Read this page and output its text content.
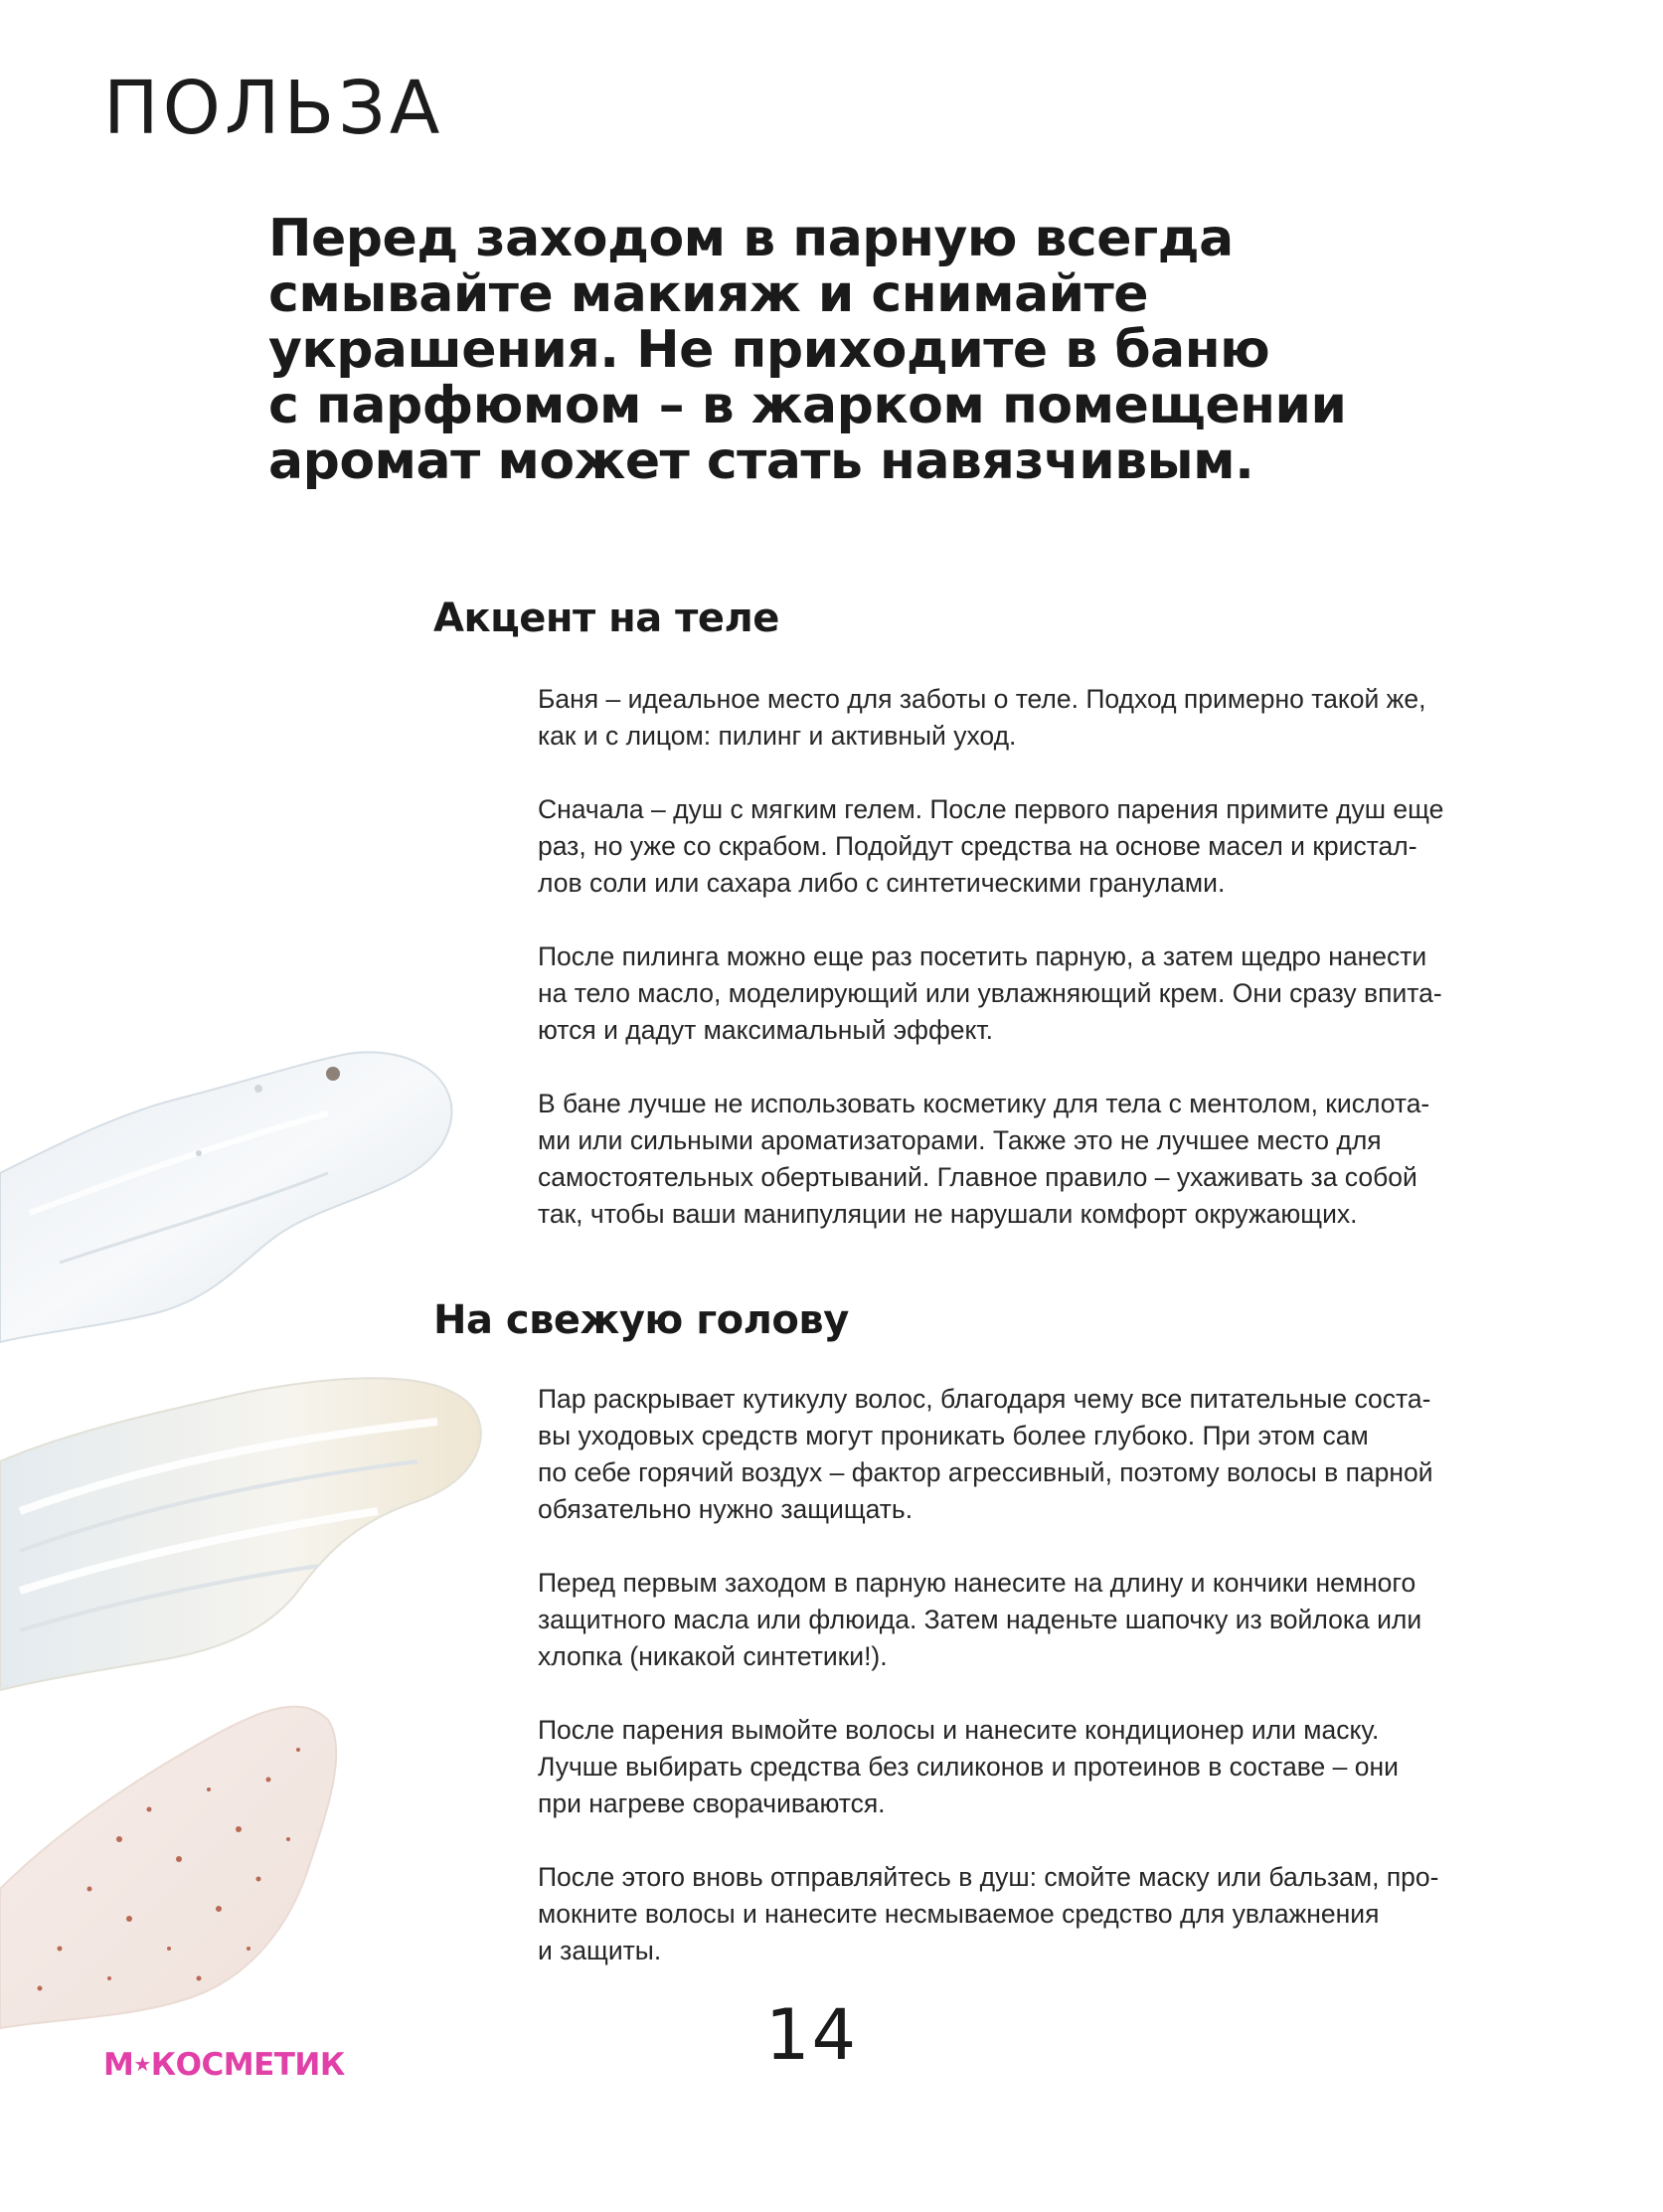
ПОЛЬЗА
Перед заходом в парную всегда
смывайте макияж и снимайте
украшения. Не приходите в баню
с парфюмом – в жарком помещении
аромат может стать навязчивым.
Акцент на теле

Баня – идеальное место для заботы о теле. Подход примерно такой же,
как и с лицом: пилинг и активный уход.

Сначала – душ с мягким гелем. После первого парения примите душ еще
раз, но уже со скрабом. Подойдут средства на основе масел и кристал-
лов соли или сахара либо с синтетическими гранулами.

После пилинга можно еще раз посетить парную, а затем щедро нанести
на тело масло, моделирующий или увлажняющий крем. Они сразу впита-
ются и дадут максимальный эффект.

В бане лучше не использовать косметику для тела с ментолом, кислота-
ми или сильными ароматизаторами. Также это не лучшее место для
самостоятельных обертываний. Главное правило – ухаживать за собой
так, чтобы ваши манипуляции не нарушали комфорт окружающих.

На свежую голову

Пар раскрывает кутикулу волос, благодаря чему все питательные соста-
вы уходовых средств могут проникать более глубоко. При этом сам
по себе горячий воздух – фактор агрессивный, поэтому волосы в парной
обязательно нужно защищать.

Перед первым заходом в парную нанесите на длину и кончики немного
защитного масла или флюида. Затем наденьте шапочку из войлока или
хлопка (никакой синтетики!).

После парения вымойте волосы и нанесите кондиционер или маску.
Лучше выбирать средства без силиконов и протеинов в составе – они
при нагреве сворачиваются.

После этого вновь отправляйтесь в душ: смойте маску или бальзам, про-
мокните волосы и нанесите несмываемое средство для увлажнения
и защиты.

14
М★КОСМЕТИК
